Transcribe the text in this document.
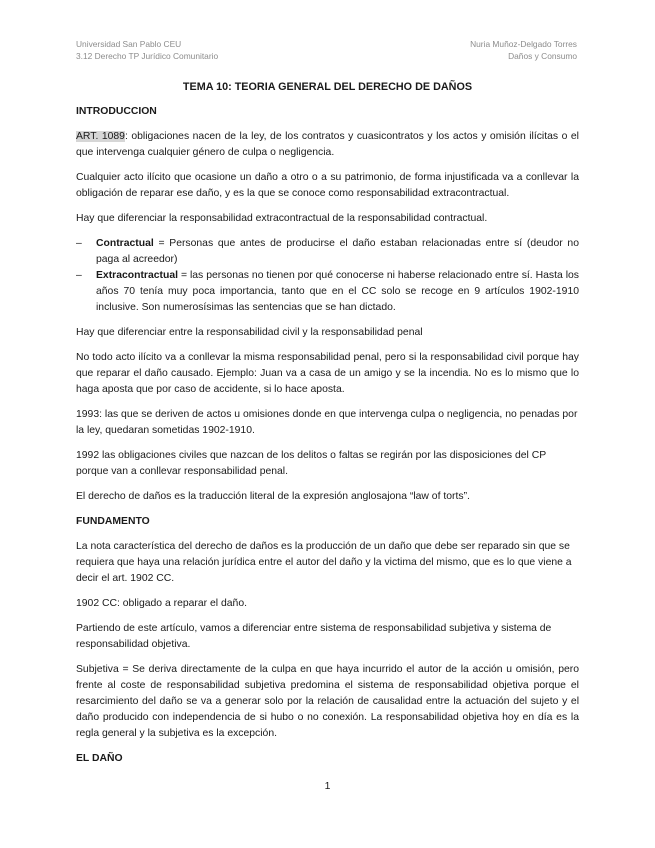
Universidad San Pablo CEU
3.12 Derecho TP Jurídico Comunitario
Nuria Muñoz-Delgado Torres
Daños y Consumo
TEMA 10: TEORIA GENERAL DEL DERECHO DE DAÑOS
INTRODUCCION

ART. 1089: obligaciones nacen de la ley, de los contratos y cuasicontratos y los actos y omisión ilícitas o el que intervenga cualquier género de culpa o negligencia.

Cualquier acto ilícito que ocasione un daño a otro o a su patrimonio, de forma injustificada va a conllevar la obligación de reparar ese daño, y es la que se conoce como responsabilidad extracontractual.

Hay que diferenciar la responsabilidad extracontractual de la responsabilidad contractual.

– Contractual = Personas que antes de producirse el daño estaban relacionadas entre sí (deudor no paga al acreedor)
– Extracontractual = las personas no tienen por qué conocerse ni haberse relacionado entre sí. Hasta los años 70 tenía muy poca importancia, tanto que en el CC solo se recoge en 9 artículos 1902-1910 inclusive. Son numerosísimas las sentencias que se han dictado.

Hay que diferenciar entre la responsabilidad civil y la responsabilidad penal

No todo acto ilícito va a conllevar la misma responsabilidad penal, pero si la responsabilidad civil porque hay que reparar el daño causado. Ejemplo: Juan va a casa de un amigo y se la incendia. No es lo mismo que lo haga aposta que por caso de accidente, si lo hace aposta.

1993: las que se deriven de actos u omisiones donde en que intervenga culpa o negligencia, no penadas por la ley, quedaran sometidas 1902-1910.

1992 las obligaciones civiles que nazcan de los delitos o faltas se regirán por las disposiciones del CP porque van a conllevar responsabilidad penal.

El derecho de daños es la traducción literal de la expresión anglosajona “law of torts”.

FUNDAMENTO

La nota característica del derecho de daños es la producción de un daño que debe ser reparado sin que se requiera que haya una relación jurídica entre el autor del daño y la victima del mismo, que es lo que viene a decir el art. 1902 CC.

1902 CC: obligado a reparar el daño.

Partiendo de este artículo, vamos a diferenciar entre sistema de responsabilidad subjetiva y sistema de responsabilidad objetiva.

Subjetiva = Se deriva directamente de la culpa en que haya incurrido el autor de la acción u omisión, pero frente al coste de responsabilidad subjetiva predomina el sistema de responsabilidad objetiva porque el resarcimiento del daño se va a generar solo por la relación de causalidad entre la actuación del sujeto y el daño producido con independencia de si hubo o no conexión. La responsabilidad objetiva hoy en día es la regla general y la subjetiva es la excepción.

EL DAÑO
1
